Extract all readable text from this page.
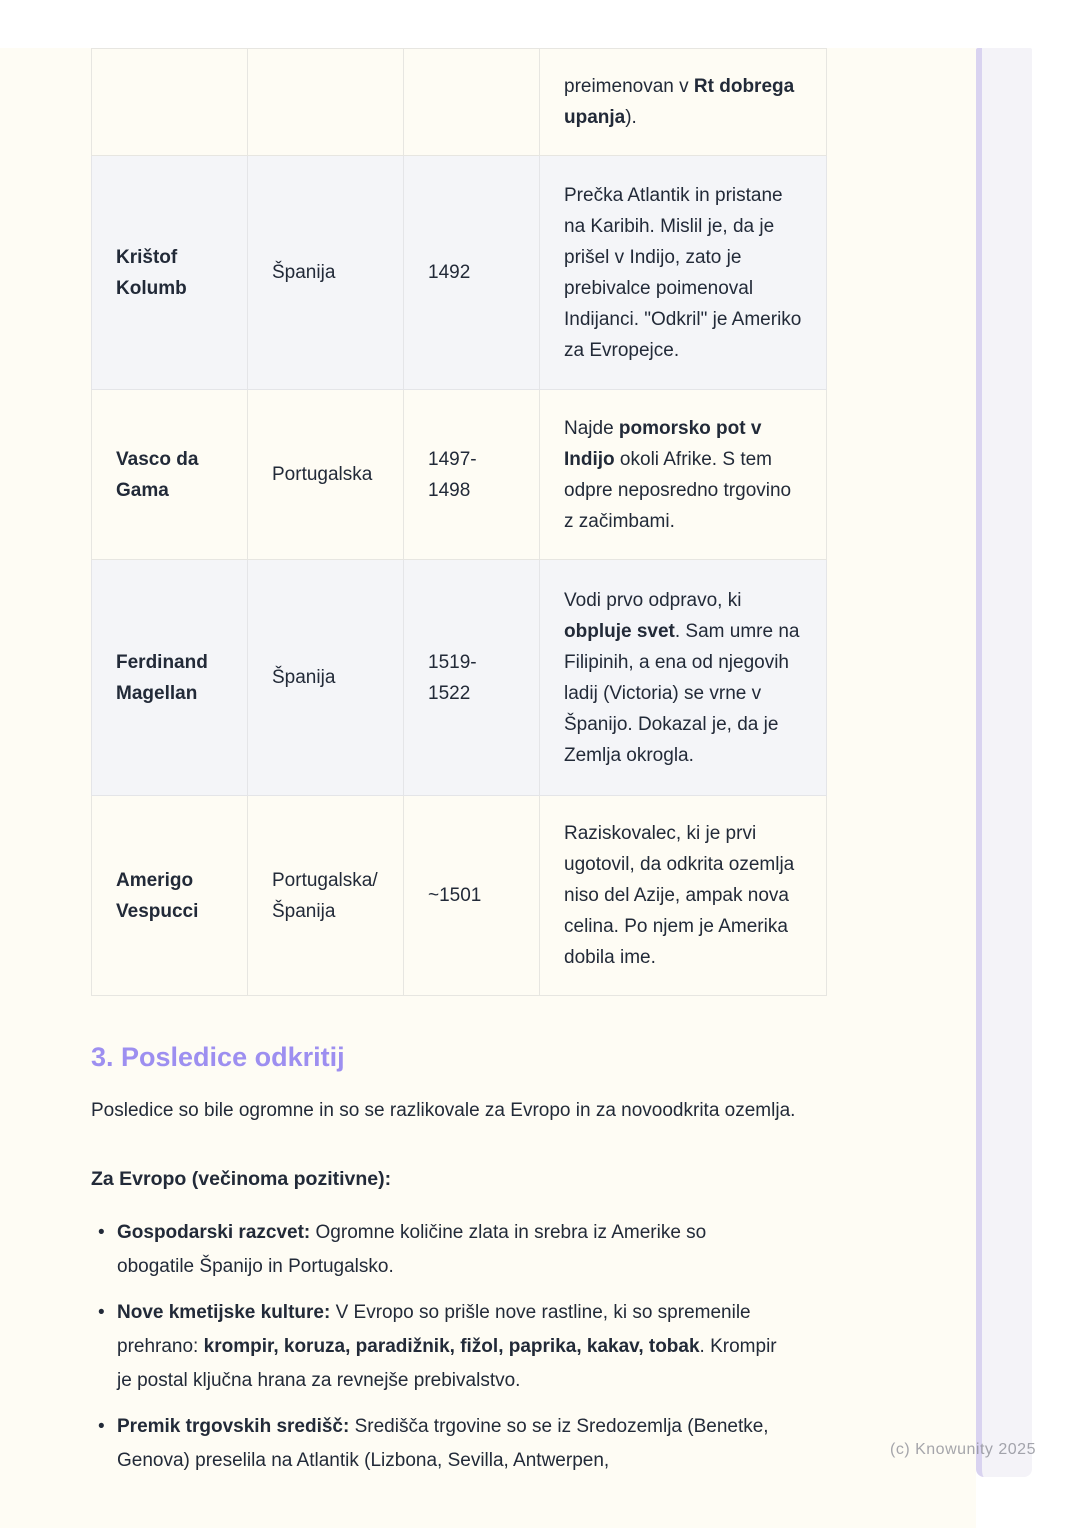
			preimenovan v Rt dobrega upanja).
Krištof Kolumb	Španija	1492	Prečka Atlantik in pristane na Karibih. Mislil je, da je prišel v Indijo, zato je prebivalce poimenoval Indijanci. "Odkril" je Ameriko za Evropejce.
Vasco da Gama	Portugalska	1497-1498	Najde pomorsko pot v Indijo okoli Afrike. S tem odpre neposredno trgovino z začimbami.
Ferdinand Magellan	Španija	1519-1522	Vodi prvo odpravo, ki obpluje svet. Sam umre na Filipinih, a ena od njegovih ladij (Victoria) se vrne v Španijo. Dokazal je, da je Zemlja okrogla.
Amerigo Vespucci	Portugalska/Španija	~1501	Raziskovalec, ki je prvi ugotovil, da odkrita ozemlja niso del Azije, ampak nova celina. Po njem je Amerika dobila ime.
3. Posledice odkritij

Posledice so bile ogromne in so se razlikovale za Evropo in za novoodkrita ozemlja.

Za Evropo (večinoma pozitivne):

• Gospodarski razcvet: Ogromne količine zlata in srebra iz Amerike so obogatile Španijo in Portugalsko.
• Nove kmetijske kulture: V Evropo so prišle nove rastline, ki so spremenile prehrano: krompir, koruza, paradižnik, fižol, paprika, kakav, tobak. Krompir je postal ključna hrana za revnejše prebivalstvo.
• Premik trgovskih središč: Središča trgovine so se iz Sredozemlja (Benetke, Genova) preselila na Atlantik (Lizbona, Sevilla, Antwerpen,
(c) Knowunity 2025
